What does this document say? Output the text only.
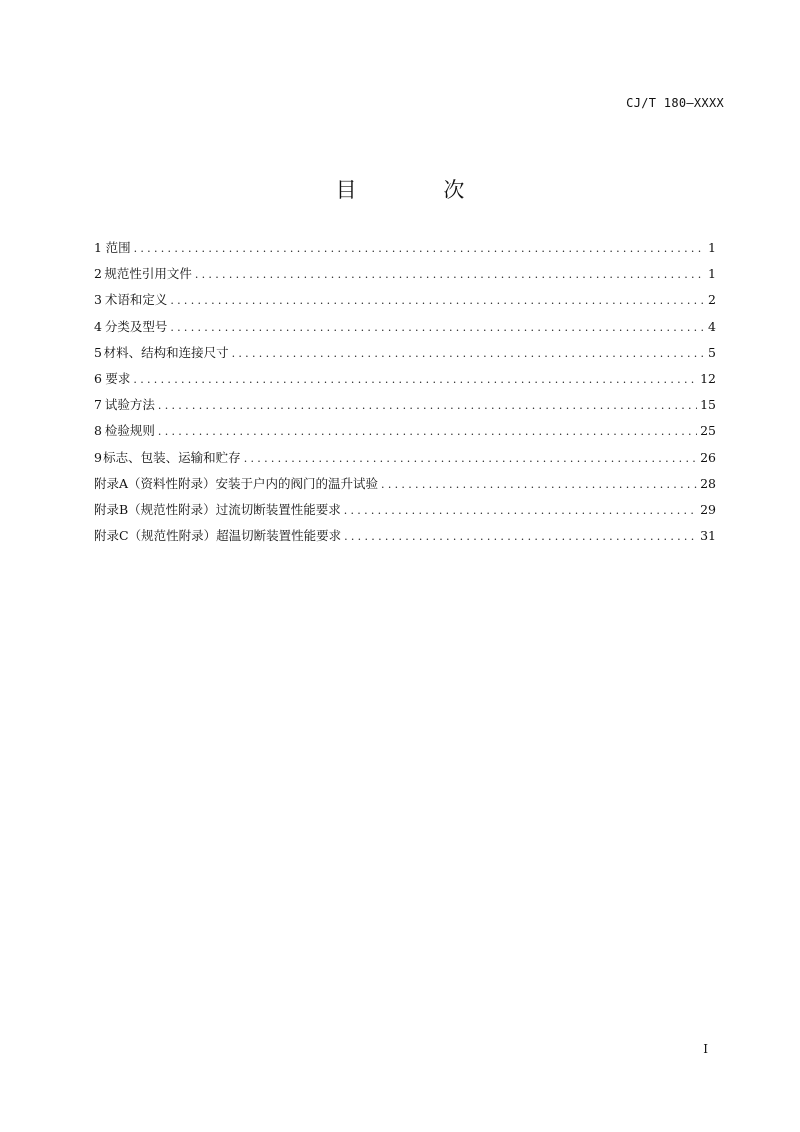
CJ/T 180—XXXX
目 次
1 范围 .....	1
2 规范性引用文件 .....	1
3 术语和定义 .....	2
4 分类及型号 .....	4
5 材料、结构和连接尺寸 .....	5
6 要求 .....	12
7 试验方法 .....	15
8 检验规则 .....	25
9 标志、包装、运输和贮存 .....	26
附录A（资料性附录） 安装于户内的阀门的温升试验 .....	28
附录B（规范性附录） 过流切断装置性能要求 .....	29
附录C（规范性附录） 超温切断装置性能要求 .....	31
I
